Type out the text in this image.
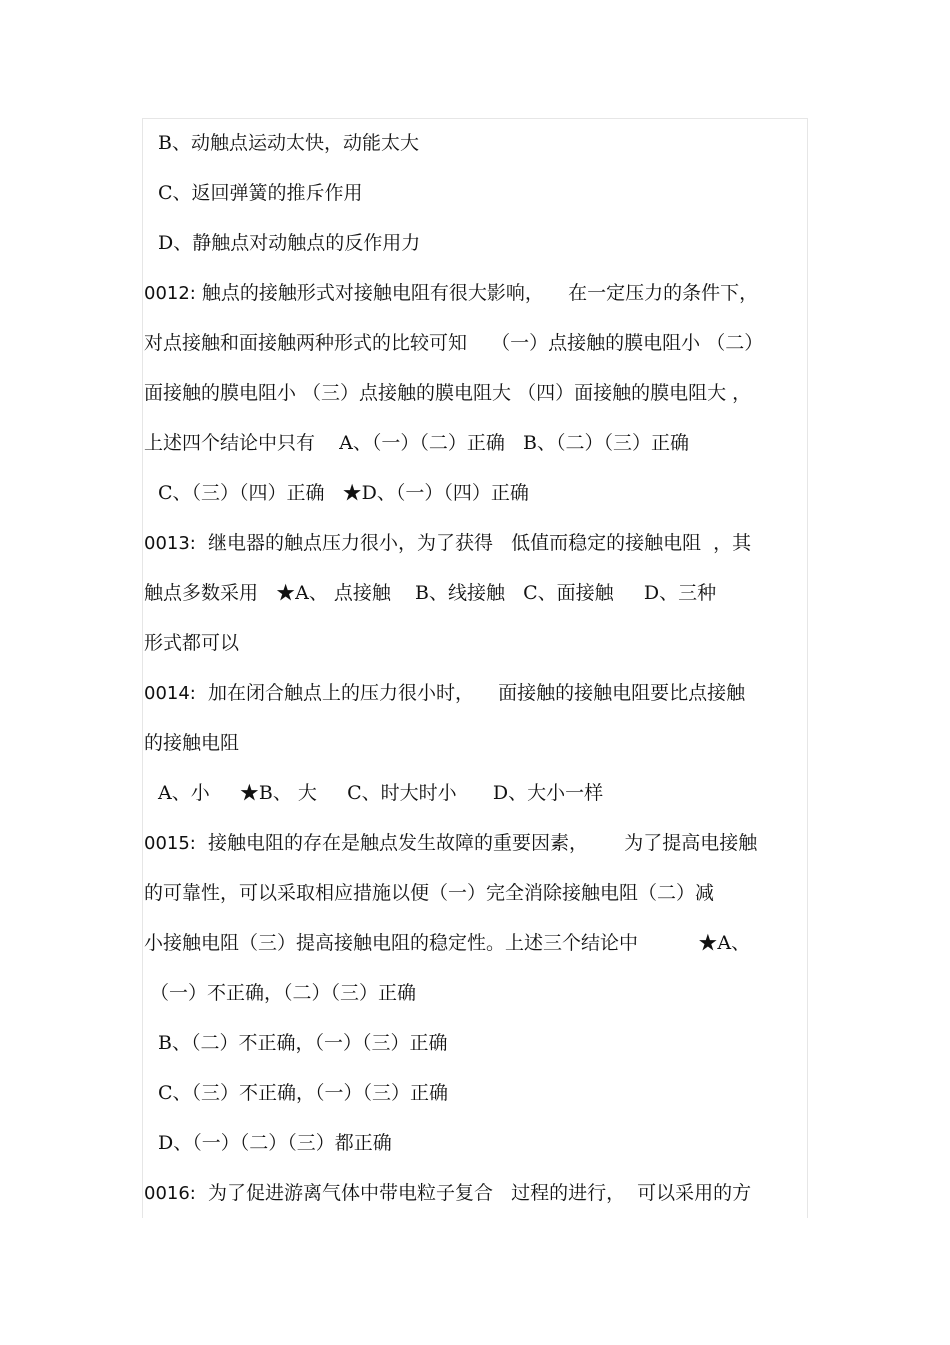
B、动触点运动太快，动能太大
C、返回弹簧的推斥作用
D、静触点对动触点的反作用力
0012: 触点的接触形式对接触电阻有很大影响，    在一定压力的条件下，
对点接触和面接触两种形式的比较可知    （一）点接触的膜电阻小 （二）
面接触的膜电阻小 （三）点接触的膜电阻大 （四）面接触的膜电阻大 ，
上述四个结论中只有    A、（一）（二）正确   B、（二）（三）正确
C、（三）（四）正确   ★D、（一）（四）正确
0013:  继电器的触点压力很小，为了获得   低值而稳定的接触电阻  ，其
触点多数采用   ★A、 点接触    B、线接触   C、面接触     D、三种
形式都可以
0014:  加在闭合触点上的压力很小时，    面接触的接触电阻要比点接触
的接触电阻
A、小     ★B、 大     C、时大时小      D、大小一样
0015:  接触电阻的存在是触点发生故障的重要因素，      为了提高电接触
的可靠性，可以采取相应措施以便（一）完全消除接触电阻（二）减
小接触电阻（三）提高接触电阻的稳定性。上述三个结论中          ★A、
（一）不正确，（二）（三）正确
B、（二）不正确，（一）（三）正确
C、（三）不正确，（一）（三）正确
D、（一）（二）（三）都正确
0016:  为了促进游离气体中带电粒子复合   过程的进行，  可以采用的方
